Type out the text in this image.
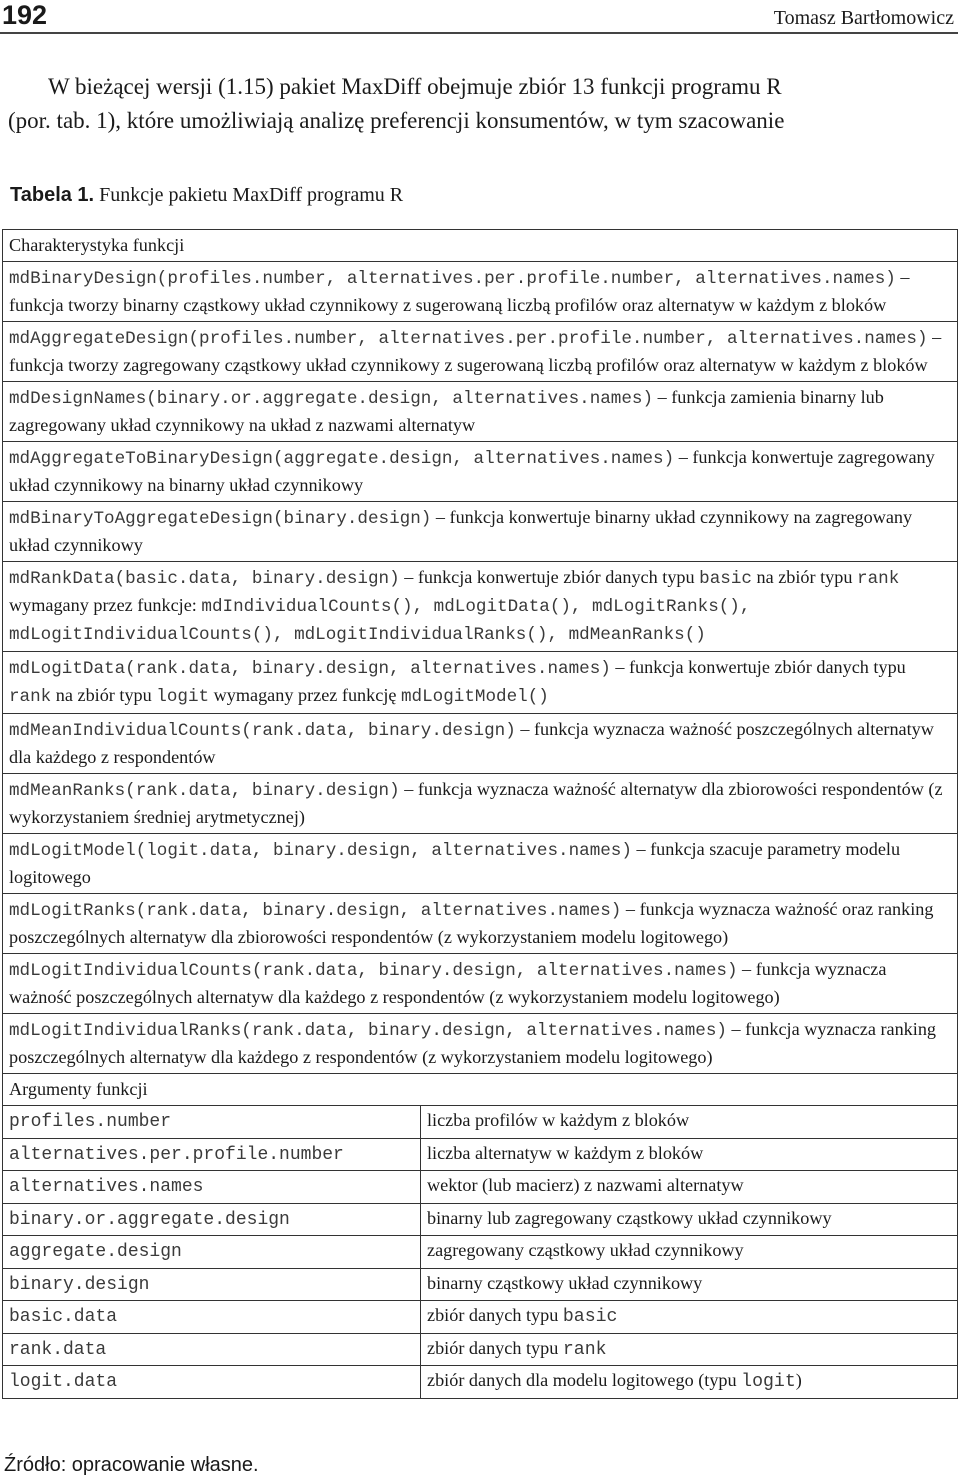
192	Tomasz Bartłomowicz

W bieżącej wersji (1.15) pakiet MaxDiff obejmuje zbiór 13 funkcji programu R

(por. tab. 1), które umożliwiają analizę preferencji konsumentów, w tym szacowanie
Tabela 1. Funkcje pakietu MaxDiff programu R
Charakterystyka funkcji	
mdBinaryDesign(profiles.number, alternatives.per.profile.number, alternatives.names) – funkcja tworzy binarny cząstkowy układ czynnikowy z sugerowaną liczbą profilów oraz alternatyw w każdym z bloków	
mdAggregateDesign(profiles.number, alternatives.per.profile.number, alternatives.names) – funkcja tworzy zagregowany cząstkowy układ czynnikowy z sugerowaną liczbą profilów oraz alternatyw w każdym z bloków	
mdDesignNames(binary.or.aggregate.design, alternatives.names) – funkcja zamienia binarny lub zagregowany układ czynnikowy na układ z nazwami alternatyw	
mdAggregateToBinaryDesign(aggregate.design, alternatives.names) – funkcja konwertuje zagregowany układ czynnikowy na binarny układ czynnikowy	
mdBinaryToAggregateDesign(binary.design) – funkcja konwertuje binarny układ czynnikowy na zagregowany układ czynnikowy	
mdRankData(basic.data, binary.design) – funkcja konwertuje zbiór danych typu basic na zbiór typu rank wymagany przez funkcje: mdIndividualCounts(), mdLogitData(), mdLogitRanks(), mdLogitIndividualCounts(), mdLogitIndividualRanks(), mdMeanRanks()	
mdLogitData(rank.data, binary.design, alternatives.names) – funkcja konwertuje zbiór danych typu rank na zbiór typu logit wymagany przez funkcję mdLogitModel()	
mdMeanIndividualCounts(rank.data, binary.design) – funkcja wyznacza ważność poszczególnych alternatyw dla każdego z respondentów	
mdMeanRanks(rank.data, binary.design) – funkcja wyznacza ważność alternatyw dla zbiorowości respondentów (z wykorzystaniem średniej arytmetycznej)	
mdLogitModel(logit.data, binary.design, alternatives.names) – funkcja szacuje parametry modelu logitowego	
mdLogitRanks(rank.data, binary.design, alternatives.names) – funkcja wyznacza ważność oraz ranking poszczególnych alternatyw dla zbiorowości respondentów (z wykorzystaniem modelu logitowego)	
mdLogitIndividualCounts(rank.data, binary.design, alternatives.names) – funkcja wyznacza ważność poszczególnych alternatyw dla każdego z respondentów (z wykorzystaniem modelu logitowego)	
mdLogitIndividualRanks(rank.data, binary.design, alternatives.names) – funkcja wyznacza ranking poszczególnych alternatyw dla każdego z respondentów (z wykorzystaniem modelu logitowego)	
Argumenty funkcji	
profiles.number	liczba profilów w każdym z bloków
alternatives.per.profile.number	liczba alternatyw w każdym z bloków
alternatives.names	wektor (lub macierz) z nazwami alternatyw
binary.or.aggregate.design	binarny lub zagregowany cząstkowy układ czynnikowy
aggregate.design	zagregowany cząstkowy układ czynnikowy
binary.design	binarny cząstkowy układ czynnikowy
basic.data	zbiór danych typu basic
rank.data	zbiór danych typu rank
logit.data	zbiór danych dla modelu logitowego (typu logit)
Źródło: opracowanie własne.
